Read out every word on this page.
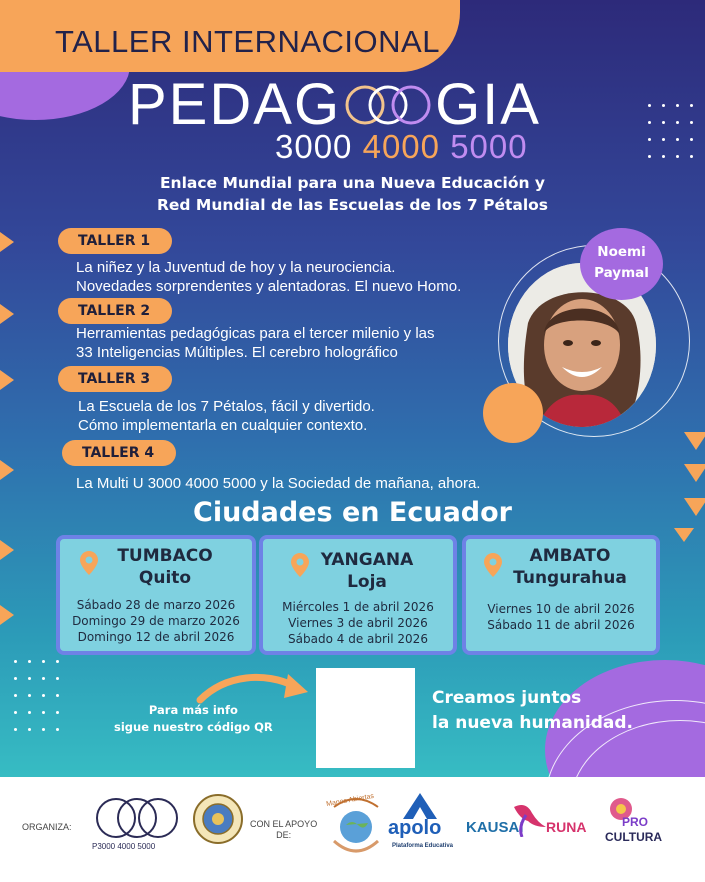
TALLER INTERNACIONAL
PEDAG GIA
3000 4000 5000
Enlace Mundial para una Nueva Educación y
Red Mundial de las Escuelas de los 7 Pétalos
TALLER 1
La niñez y la Juventud de hoy y la neurociencia.
Novedades sorprendentes y alentadoras. El nuevo Homo.
TALLER 2
Herramientas pedagógicas para el tercer milenio y las
33 Inteligencias Múltiples. El cerebro holográfico
TALLER 3
La Escuela de los 7 Pétalos, fácil y divertido.
Cómo implementarla en cualquier contexto.
TALLER 4
La Multi U 3000 4000 5000 y la Sociedad de mañana, ahora.
Noemi
Paymal
Ciudades en Ecuador
TUMBACO
Quito
Sábado 28 de marzo 2026
Domingo 29 de marzo 2026
Domingo 12 de abril 2026
YANGANA
Loja
Miércoles 1 de abril 2026
Viernes 3 de abril 2026
Sábado 4 de abril 2026
AMBATO
Tungurahua
Viernes 10 de abril 2026
Sábado 11 de abril 2026
Para más info
sigue nuestro código QR
Creamos juntos
la nueva humanidad.
ORGANIZA:
P3000 4000 5000
CON EL APOYO
DE:
Manos Abiertas
apolo
Plataforma Educativa
KAUSAI RUNA	PRO
CULTURA
